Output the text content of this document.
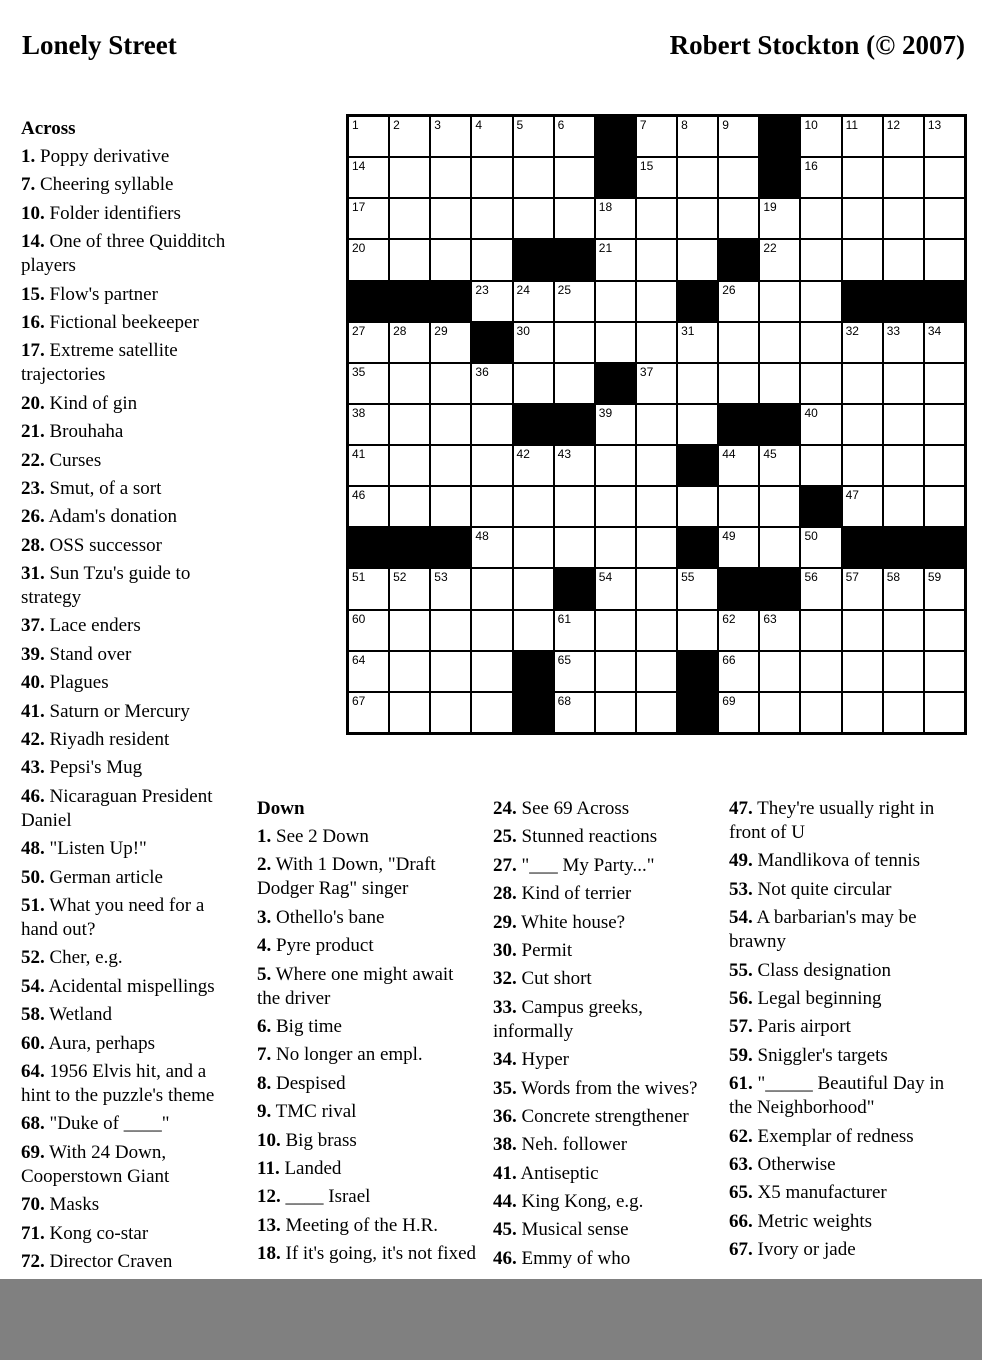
Lonely Street	Robert Stockton (© 2007)
1	2	3	4	5	6	7	8	9	10 11 12 13
14	15	16
17	18	19
20	21	22
23 24 25	26
27 28 29	30	31	32 33 34
35	36	37
38	39	40
41	42 43	44 45
46	47
48	49	50
51 52 53	54	55	56 57 58 59
60	61	62 63
64	65	66
67	68	69
Across
1. Poppy derivative
7. Cheering syllable
10. Folder identifiers
14. One of three Quidditch players
15. Flow's partner
16. Fictional beekeeper
17. Extreme satellite trajectories
20. Kind of gin
21. Brouhaha
22. Curses
23. Smut, of a sort
26. Adam's donation
28. OSS successor
31. Sun Tzu's guide to strategy
37. Lace enders
39. Stand over
40. Plagues
41. Saturn or Mercury
42. Riyadh resident
43. Pepsi's Mug
46. Nicaraguan President Daniel
48. "Listen Up!"
50. German article
51. What you need for a hand out?
52. Cher, e.g.
54. Acidental mispellings
58. Wetland
60. Aura, perhaps
64. 1956 Elvis hit, and a hint to the puzzle's theme
68. "Duke of ____"
69. With 24 Down, Cooperstown Giant
70. Masks
71. Kong co-star
72. Director Craven
Down
1. See 2 Down
2. With 1 Down, "Draft Dodger Rag" singer
3. Othello's bane
4. Pyre product
5. Where one might await the driver
6. Big time
7. No longer an empl.
8. Despised
9. TMC rival
10. Big brass
11. Landed
12. ____ Israel
13. Meeting of the H.R.
18. If it's going, it's not fixed
24. See 69 Across
25. Stunned reactions
27. "___ My Party..."
28. Kind of terrier
29. White house?
30. Permit
32. Cut short
33. Campus greeks, informally
34. Hyper
35. Words from the wives?
36. Concrete strengthener
38. Neh. follower
41. Antiseptic
44. King Kong, e.g.
45. Musical sense
46. Emmy of who
47. They're usually right in front of U
49. Mandlikova of tennis
53. Not quite circular
54. A barbarian's may be brawny
55. Class designation
56. Legal beginning
57. Paris airport
59. Sniggler's targets
61. "_____ Beautiful Day in the Neighborhood"
62. Exemplar of redness
63. Otherwise
65. X5 manufacturer
66. Metric weights
67. Ivory or jade
